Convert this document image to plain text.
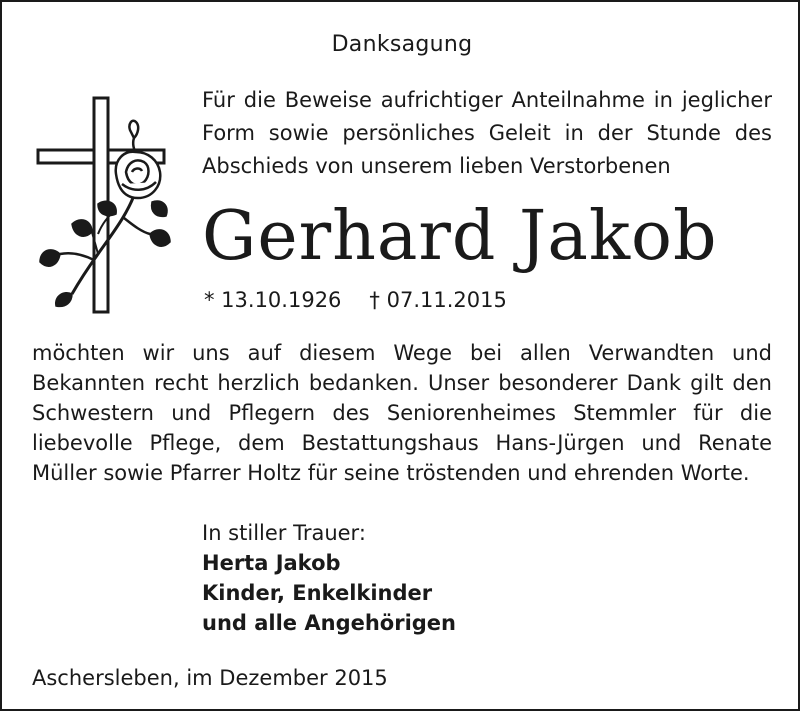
Danksagung
Für die Beweise aufrichtiger Anteilnahme in jeglicher Form sowie persönliches Geleit in der Stunde des Abschieds von unserem lieben Verstorbenen
Gerhard Jakob
* 13.10.1926 † 07.11.2015
möchten wir uns auf diesem Wege bei allen Verwandten und Bekannten recht herzlich bedanken. Unser besonderer Dank gilt den Schwestern und Pflegern des Seniorenheimes Stemmler für die liebevolle Pflege, dem Bestattungshaus Hans-Jürgen und Renate Müller sowie Pfarrer Holtz für seine tröstenden und ehrenden Worte.
In stiller Trauer:
Herta Jakob
Kinder, Enkelkinder
und alle Angehörigen
Aschersleben, im Dezember 2015
